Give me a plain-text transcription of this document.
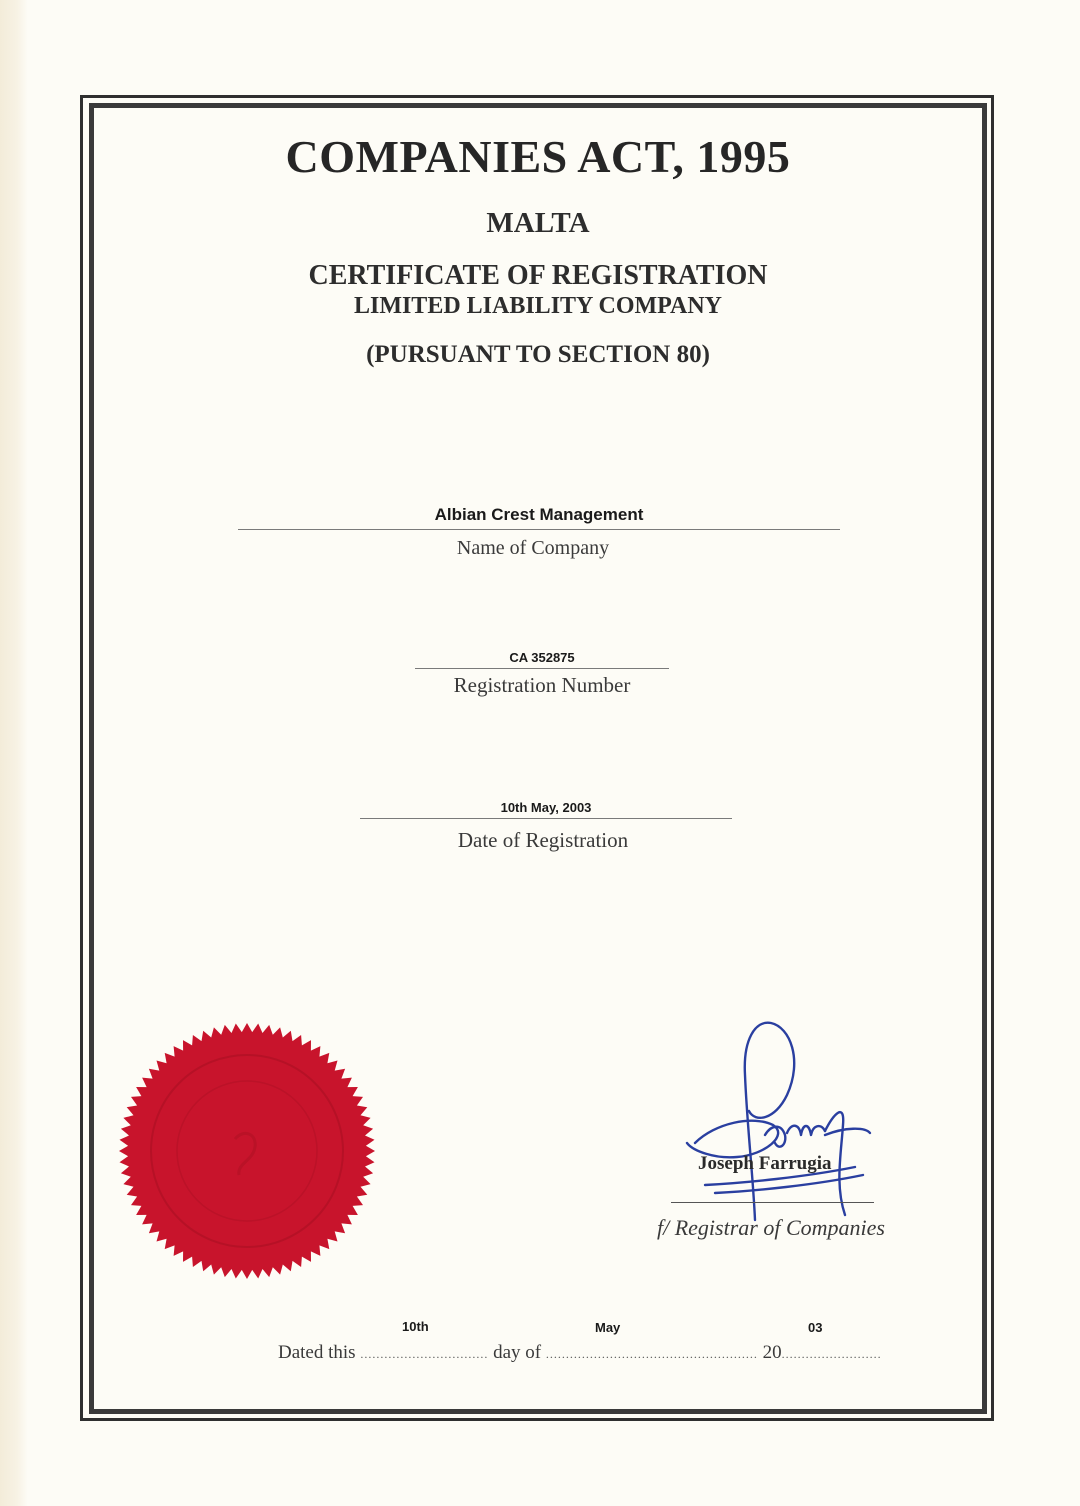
COMPANIES ACT, 1995
MALTA
CERTIFICATE OF REGISTRATION
LIMITED LIABILITY COMPANY
(PURSUANT TO SECTION 80)
Albian Crest Management
Name of Company
CA 352875
Registration Number
10th May, 2003
Date of Registration
Joseph Farrugia
f/ Registrar of Companies
10th	May	03
Dated this ................................ day of ..................................................... 20.........................
